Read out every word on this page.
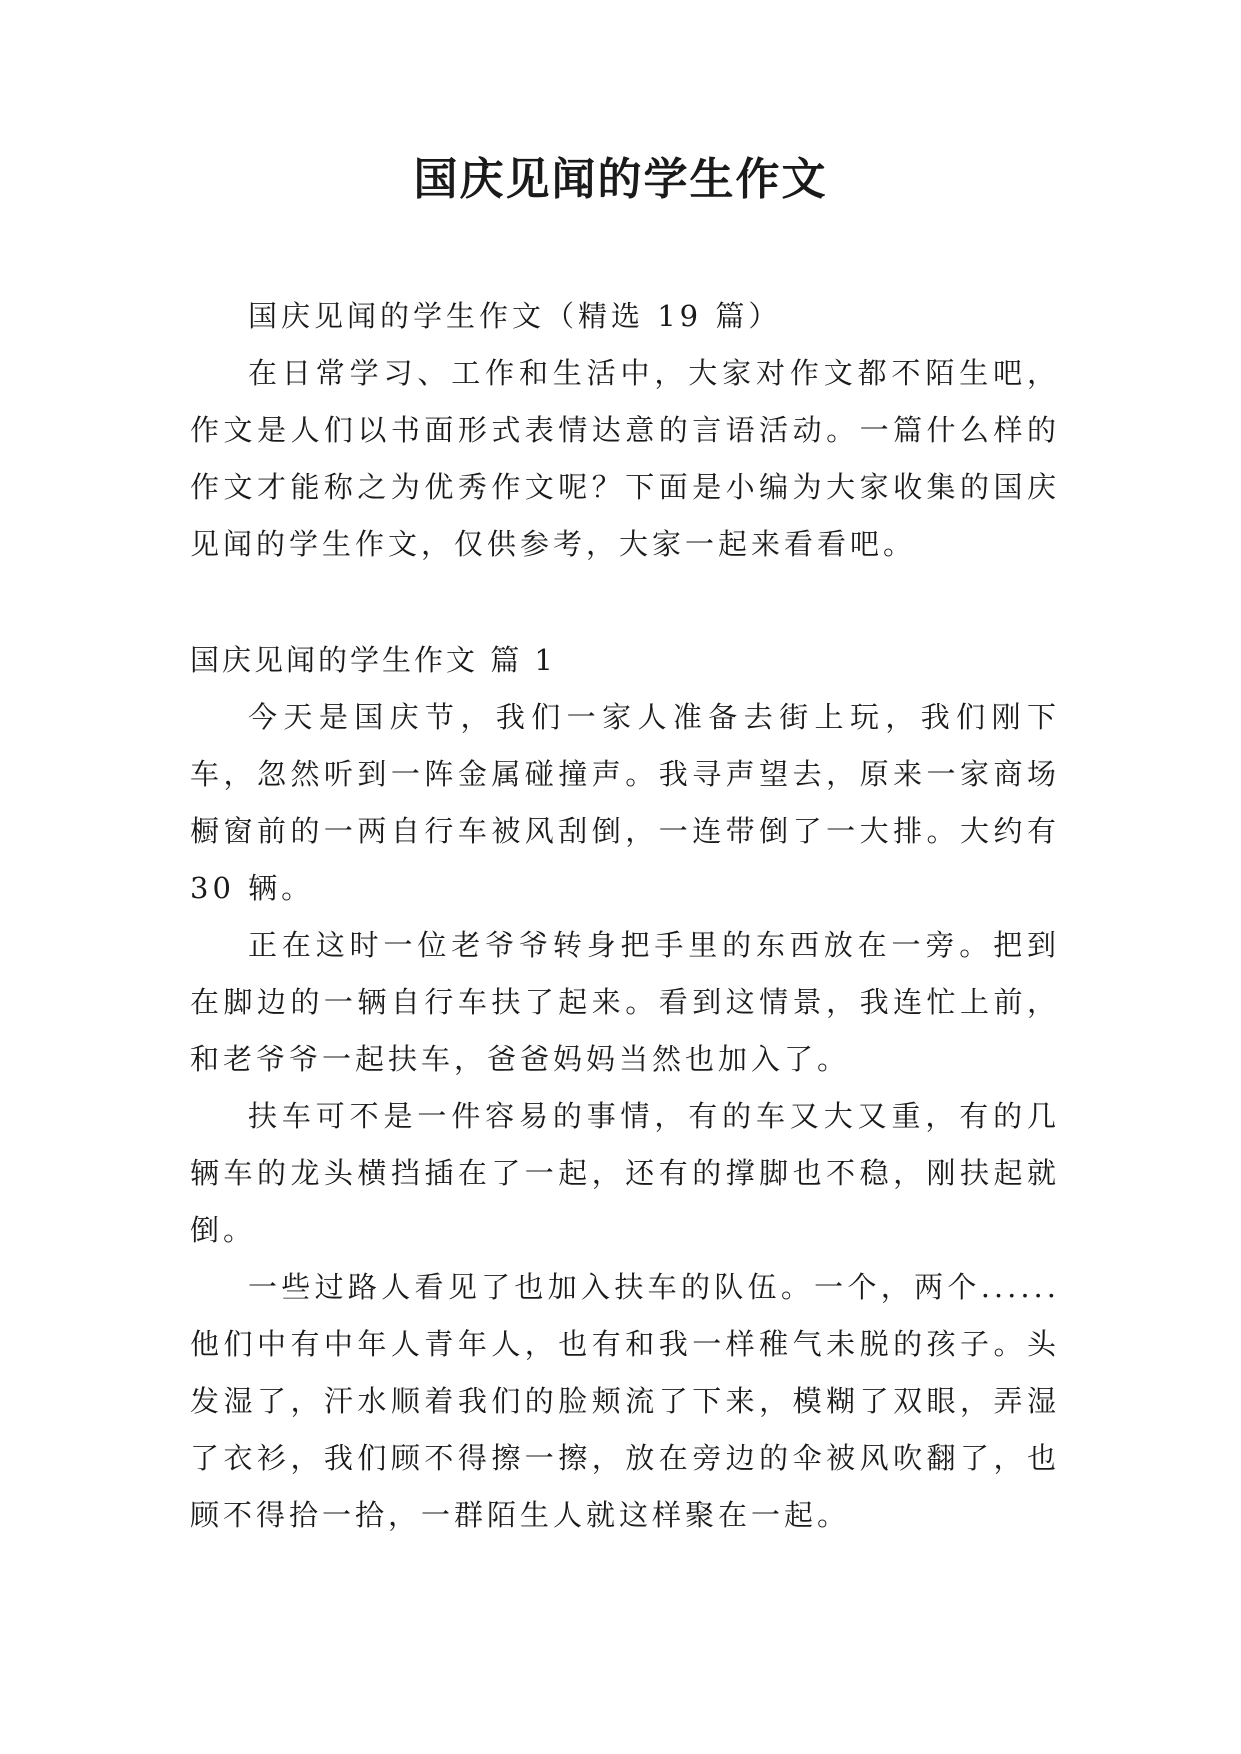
国庆见闻的学生作文

国庆见闻的学生作文（精选 19 篇）

在日常学习、工作和生活中，大家对作文都不陌生吧，作文是人们以书面形式表情达意的言语活动。一篇什么样的作文才能称之为优秀作文呢？下面是小编为大家收集的国庆见闻的学生作文，仅供参考，大家一起来看看吧。

国庆见闻的学生作文 篇 1

今天是国庆节，我们一家人准备去街上玩，我们刚下车，忽然听到一阵金属碰撞声。我寻声望去，原来一家商场橱窗前的一两自行车被风刮倒，一连带倒了一大排。大约有 30 辆。

正在这时一位老爷爷转身把手里的东西放在一旁。把到在脚边的一辆自行车扶了起来。看到这情景，我连忙上前，和老爷爷一起扶车，爸爸妈妈当然也加入了。

扶车可不是一件容易的事情，有的车又大又重，有的几辆车的龙头横挡插在了一起，还有的撑脚也不稳，刚扶起就倒。

一些过路人看见了也加入扶车的队伍。一个，两个......他们中有中年人青年人，也有和我一样稚气未脱的孩子。头发湿了，汗水顺着我们的脸颊流了下来，模糊了双眼，弄湿了衣衫，我们顾不得擦一擦，放在旁边的伞被风吹翻了，也顾不得拾一拾，一群陌生人就这样聚在一起。
